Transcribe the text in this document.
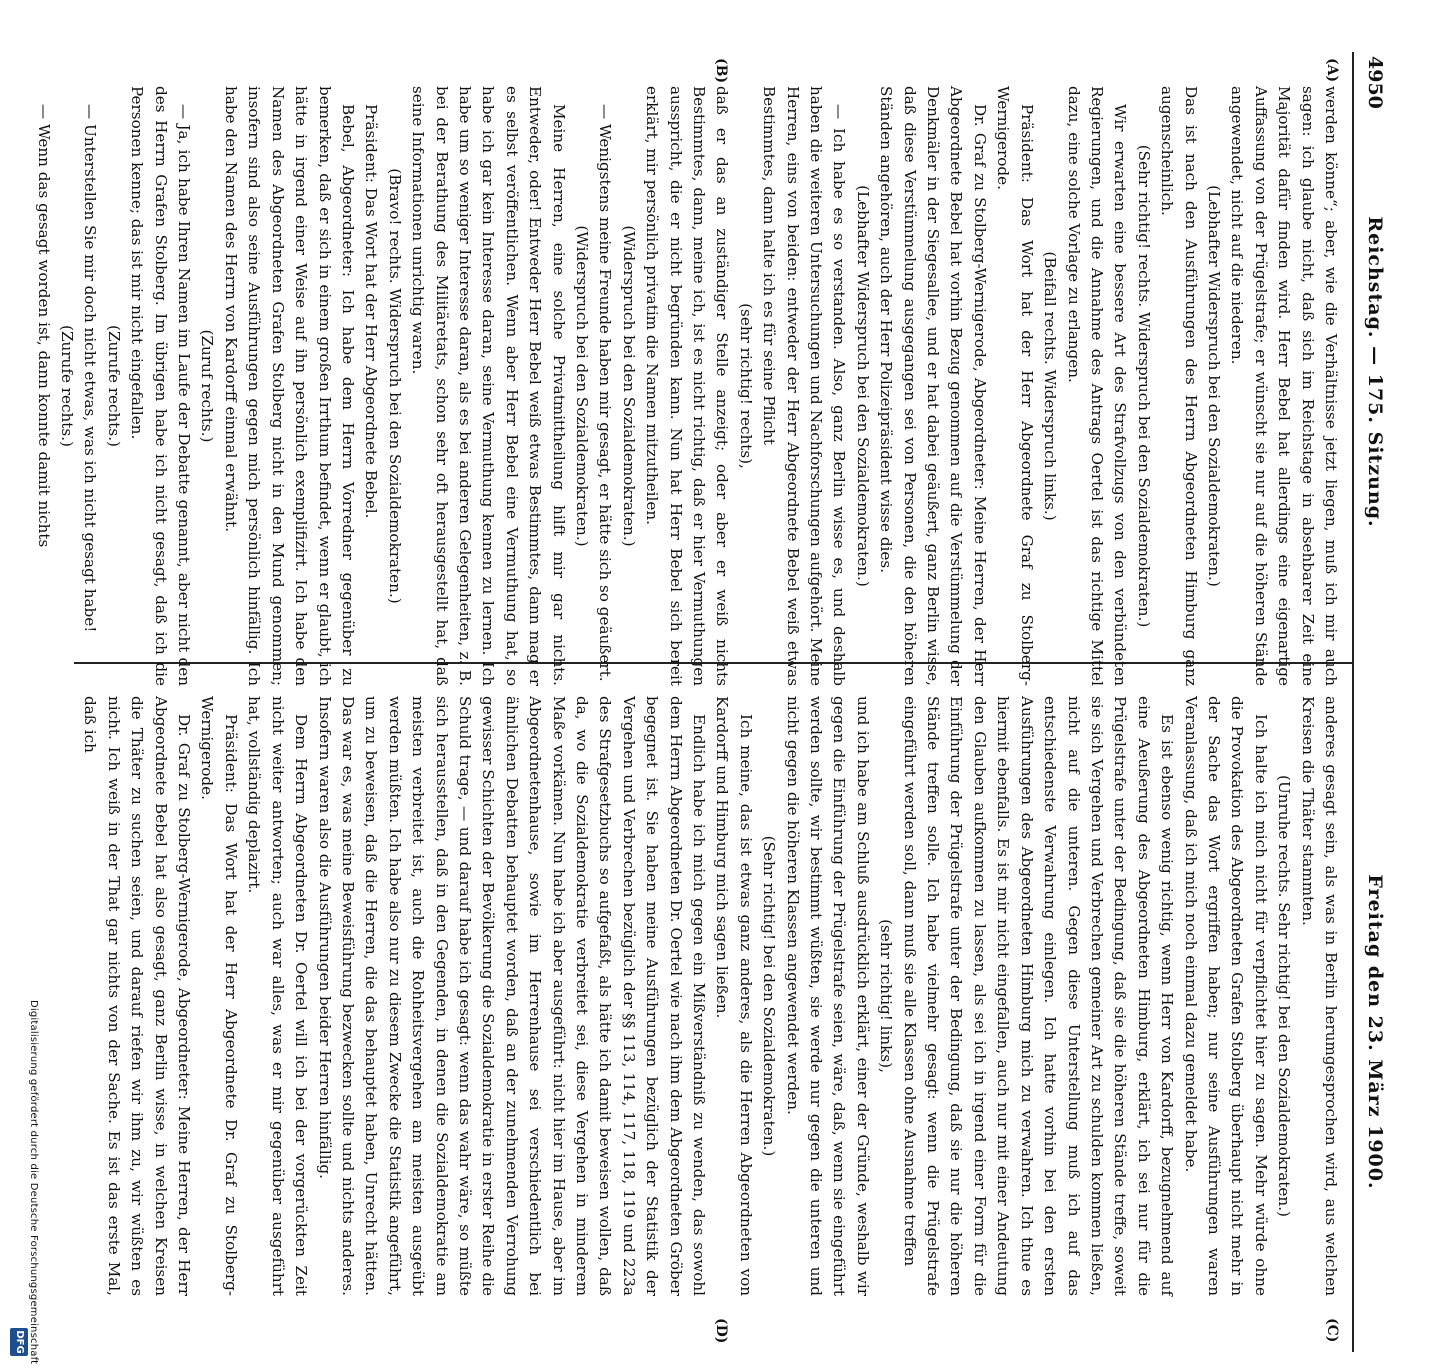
4950
Reichstag. — 175. Sitzung.
Freitag den 23. März 1900.
(A)
(B)
(C)
(D)

werden könne“; aber, wie die Verhältnisse jetzt liegen, muß ich mir auch sagen: ich glaube nicht, daß sich im Reichstage in absehbarer Zeit eine Majorität dafür finden wird. Herr Bebel hat allerdings eine eigenartige Auffassung von der Prügelstrafe; er wünscht sie nur auf die höheren Stände angewendet, nicht auf die niederen.

(Lebhafter Widerspruch bei den Sozialdemokraten.)

Das ist nach den Ausführungen des Herrn Abgeordneten Himburg ganz augenscheinlich.

(Sehr richtig! rechts. Widerspruch bei den Sozialdemokraten.)

Wir erwarten eine bessere Art des Strafvollzugs von den verbündeten Regierungen, und die Annahme des Antrags Oertel ist das richtige Mittel dazu, eine solche Vorlage zu erlangen.

(Beifall rechts. Widerspruch links.)

Präsident: Das Wort hat der Herr Abgeordnete Graf zu Stolberg-Wernigerode.

Dr. Graf zu Stolberg-Wernigerode, Abgeordneter: Meine Herren, der Herr Abgeordnete Bebel hat vorhin Bezug genommen auf die Verstümmelung der Denkmäler in der Siegesallee, und er hat dabei geäußert, ganz Berlin wisse, daß diese Verstümmelung ausgegangen sei von Personen, die den höheren Ständen angehören, auch der Herr Polizeipräsident wisse dies.

(Lebhafter Widerspruch bei den Sozialdemokraten.)

— Ich habe es so verstanden. Also, ganz Berlin wisse es, und deshalb haben die weiteren Untersuchungen und Nachforschungen aufgehört. Meine Herren, eins von beiden: entweder der Herr Abgeordnete Bebel weiß etwas Bestimmtes, dann halte ich es für seine Pflicht

(sehr richtig! rechts),

daß er das an zuständiger Stelle anzeigt; oder aber er weiß nichts Bestimmtes, dann, meine ich, ist es nicht richtig, daß er hier Vermuthungen ausspricht, die er nicht begründen kann. Nun hat Herr Bebel sich bereit erklärt, mir persönlich privatim die Namen mitzutheilen.

(Widerspruch bei den Sozialdemokraten.)

— Wenigstens meine Freunde haben mir gesagt, er hätte sich so geäußert.

(Widerspruch bei den Sozialdemokraten.)

Meine Herren, eine solche Privatmittheilung hilft mir gar nichts. Entweder, oder! Entweder Herr Bebel weiß etwas Bestimmtes, dann mag er es selbst veröffentlichen. Wenn aber Herr Bebel eine Vermuthung hat, so habe ich gar kein Interesse daran, seine Vermuthung kennen zu lernen. Ich habe um so weniger Interesse daran, als es bei anderen Gelegenheiten, z. B. bei der Berathung des Militäretats, schon sehr oft herausgestellt hat, daß seine Informationen unrichtig waren.

(Bravo! rechts. Widerspruch bei den Sozialdemokraten.)

Präsident: Das Wort hat der Herr Abgeordnete Bebel.

Bebel, Abgeordneter: Ich habe dem Herrn Vorredner gegenüber zu bemerken, daß er sich in einem großen Irrthum befindet, wenn er glaubt, ich hätte in irgend einer Weise auf ihn persönlich exemplifizirt. Ich habe den Namen des Abgeordneten Grafen Stolberg nicht in den Mund genommen; insofern sind also seine Ausführungen gegen mich persönlich hinfällig. Ich habe den Namen des Herrn von Kardorff einmal erwähnt.

(Zuruf rechts.)

— Ja, ich habe Ihren Namen im Laufe der Debatte genannt, aber nicht den des Herrn Grafen Stolberg. Im übrigen habe ich nicht gesagt, daß ich die Personen kenne; das ist mir nicht eingefallen.

(Zurufe rechts.)

— Unterstellen Sie mir doch nicht etwas, was ich nicht gesagt habe!

(Zurufe rechts.)

— Wenn das gesagt worden ist, dann konnte damit nichts

anderes gesagt sein, als was in Berlin herumgesprochen wird, aus welchen Kreisen die Thäter stammten.

(Unruhe rechts. Sehr richtig! bei den Sozialdemokraten.)

Ich halte ich mich nicht für verpflichtet hier zu sagen. Mehr würde ohne die Provokation des Abgeordneten Grafen Stolberg überhaupt nicht mehr in der Sache das Wort ergriffen haben; nur seine Ausführungen waren Veranlassung, daß ich mich noch einmal dazu gemeldet habe.

Es ist ebenso wenig richtig, wenn Herr von Kardorff, bezugnehmend auf eine Aeußerung des Abgeordneten Himburg, erklärt, ich sei nur für die Prügelstrafe unter der Bedingung, daß sie die höheren Stände treffe, soweit sie sich Vergehen und Verbrechen gemeiner Art zu schulden kommen ließen, nicht auf die unteren. Gegen diese Unterstellung muß ich auf das entschiedenste Verwahrung einlegen. Ich hatte vorhin bei den ersten Ausführungen des Abgeordneten Himburg mich zu verwahren. Ich thue es hiermit ebenfalls. Es ist mir nicht eingefallen, auch nur mit einer Andeutung den Glauben aufkommen zu lassen, als sei ich in irgend einer Form für die Einführung der Prügelstrafe unter der Bedingung, daß sie nur die höheren Stände treffen solle. Ich habe vielmehr gesagt: wenn die Prügelstrafe eingeführt werden soll, dann muß sie alle Klassen ohne Ausnahme treffen

(sehr richtig! links),

und ich habe am Schluß ausdrücklich erklärt, einer der Gründe, weshalb wir gegen die Einführung der Prügelstrafe seien, wäre, daß, wenn sie eingeführt werden sollte, wir bestimmt wüßten, sie werde nur gegen die unteren und nicht gegen die höheren Klassen angewendet werden.

(Sehr richtig! bei den Sozialdemokraten.)

Ich meine, das ist etwas ganz anderes, als die Herren Abgeordneten von Kardorff und Himburg mich sagen ließen.

Endlich habe ich mich gegen ein Mißverständniß zu wenden, das sowohl dem Herrn Abgeordneten Dr. Oertel wie nach ihm dem Abgeordneten Gröber begegnet ist. Sie haben meine Ausführungen bezüglich der Statistik der Vergehen und Verbrechen bezüglich der §§ 113, 114, 117, 118, 119 und 223a des Strafgesetzbuchs so aufgefaßt, als hätte ich damit beweisen wollen, daß da, wo die Sozialdemokratie verbreitet sei, diese Vergehen in minderem Maße vorkämen. Nun habe ich aber ausgeführt: nicht hier im Hause, aber im Abgeordnetenhause, sowie im Herrenhause sei verschiedentlich bei ähnlichen Debatten behauptet worden, daß an der zunehmenden Verrohung gewisser Schichten der Bevölkerung die Sozialdemokratie in erster Reihe die Schuld trage, — und darauf habe ich gesagt: wenn das wahr wäre, so müßte sich herausstellen, daß in den Gegenden, in denen die Sozialdemokratie am meisten verbreitet ist, auch die Rohheitsvergehen am meisten ausgeübt werden müßten. Ich habe also nur zu diesem Zwecke die Statistik angeführt, um zu beweisen, daß die Herren, die das behauptet haben, Unrecht hätten. Das war es, was meine Beweisführung bezwecken sollte und nichts anderes. Insofern waren also die Ausführungen beider Herren hinfällig.

Dem Herrn Abgeordneten Dr. Oertel will ich bei der vorgerückten Zeit nicht weiter antworten; auch war alles, was er mir gegenüber ausgeführt hat, vollständig deplazirt.

Präsident: Das Wort hat der Herr Abgeordnete Dr. Graf zu Stolberg-Wernigerode.

Dr. Graf zu Stolberg-Wernigerode, Abgeordneter: Meine Herren, der Herr Abgeordnete Bebel hat also gesagt, ganz Berlin wisse, in welchen Kreisen die Thäter zu suchen seien, und darauf riefen wir ihm zu, wir wüßten es nicht. Ich weiß in der That gar nichts von der Sache. Es ist das erste Mal, daß ich

Digitalisierung gefördert durch die Deutsche Forschungsgemeinschaft
DFG
